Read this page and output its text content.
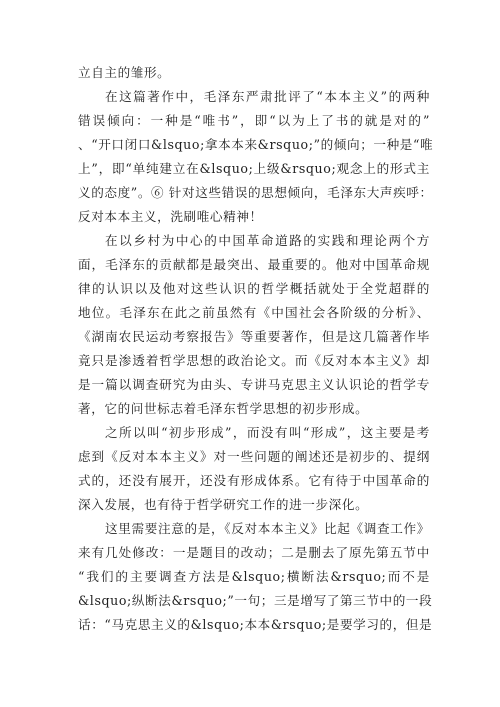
立自主的雏形。
在这篇著作中，毛泽东严肃批评了“本本主义”的两种
错误倾向：一种是“唯书”，即“以为上了书的就是对的”
、“开口闭口&lsquo;拿本本来&rsquo;”的倾向；一种是“唯
上”，即“单纯建立在&lsquo;上级&rsquo;观念上的形式主
义的态度”。⑥ 针对这些错误的思想倾向，毛泽东大声疾呼：
反对本本主义，洗刷唯心精神！
在以乡村为中心的中国革命道路的实践和理论两个方
面，毛泽东的贡献都是最突出、最重要的。他对中国革命规
律的认识以及他对这些认识的哲学概括就处于全党超群的
地位。毛泽东在此之前虽然有《中国社会各阶级的分析》、
《湖南农民运动考察报告》等重要著作，但是这几篇著作毕
竟只是渗透着哲学思想的政治论文。而《反对本本主义》却
是一篇以调查研究为由头、专讲马克思主义认识论的哲学专
著，它的问世标志着毛泽东哲学思想的初步形成。
之所以叫“初步形成”，而没有叫“形成”，这主要是考
虑到《反对本本主义》对一些问题的阐述还是初步的、提纲
式的，还没有展开，还没有形成体系。它有待于中国革命的
深入发展，也有待于哲学研究工作的进一步深化。
这里需要注意的是，《反对本本主义》比起《调查工作》
来有几处修改：一是题目的改动；二是删去了原先第五节中
“我们的主要调查方法是&lsquo;横断法&rsquo;而不是
&lsquo;纵断法&rsquo;”一句；三是增写了第三节中的一段
话：“马克思主义的&lsquo;本本&rsquo;是要学习的，但是
